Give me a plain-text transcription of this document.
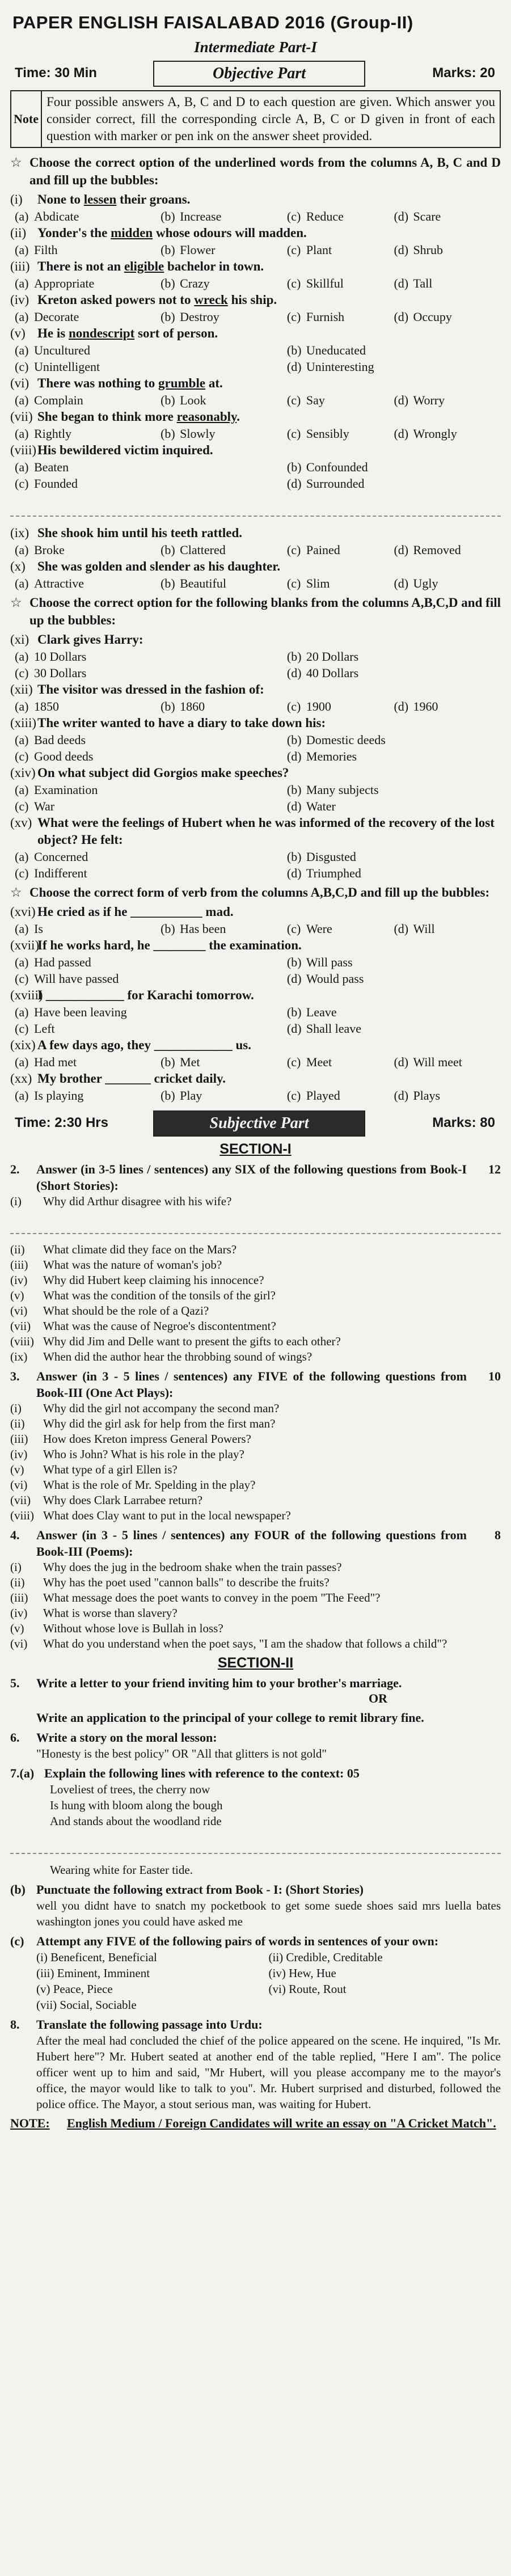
PAPER ENGLISH FAISALABAD 2016 (Group-II)
Intermediate Part-I
Time: 30 Min	Objective Part	Marks: 20
Note
Four possible answers A, B, C and D to each question are given. Which answer you consider correct, fill the corresponding circle A, B, C or D given in front of each question with marker or pen ink on the answer sheet provided.
☆ Choose the correct option of the underlined words from the columns A, B, C and D and fill up the bubbles:
(i)	None to lessen their groans.
(a) Abdicate	(b) Increase	(c) Reduce	(d) Scare
(ii) Yonder's the midden whose odours will madden.
(a) Filth	(b) Flower	(c) Plant	(d) Shrub
(iii) There is not an eligible bachelor in town.
(a) Appropriate	(b) Crazy	(c) Skillful	(d) Tall
(iv) Kreton asked powers not to wreck his ship.
(a) Decorate	(b) Destroy	(c) Furnish	(d) Occupy
(v) He is nondescript sort of person.
(a) Uncultured	(b) Uneducated
(c) Unintelligent	(d) Uninteresting
(vi) There was nothing to grumble at.
(a) Complain	(b) Look	(c) Say	(d) Worry
(vii) She began to think more reasonably.
(a) Rightly	(b) Slowly	(c) Sensibly	(d) Wrongly
(viii) His bewildered victim inquired.
(a) Beaten	(b) Confounded
(c) Founded	(d) Surrounded
(ix) She shook him until his teeth rattled.
(a) Broke	(b) Clattered	(c) Pained	(d) Removed
(x) She was golden and slender as his daughter.
(a) Attractive	(b) Beautiful	(c) Slim	(d) Ugly
☆ Choose the correct option for the following blanks from the columns A,B,C,D and fill up the bubbles:
(xi) Clark gives Harry:
(a) 10 Dollars	(b) 20 Dollars
(c) 30 Dollars	(d) 40 Dollars
(xii) The visitor was dressed in the fashion of:
(a) 1850	(b) 1860	(c) 1900	(d) 1960
(xiii) The writer wanted to have a diary to take down his:
(a) Bad deeds	(b) Domestic deeds
(c) Good deeds	(d) Memories
(xiv) On what subject did Gorgios make speeches?
(a) Examination	(b) Many subjects
(c) War	(d) Water
(xv) What were the feelings of Hubert when he was informed of the recovery of the lost object? He felt:
(a) Concerned	(b) Disgusted
(c) Indifferent	(d) Triumphed
☆ Choose the correct form of verb from the columns A,B,C,D and fill up the bubbles:
(xvi) He cried as if he ___________ mad.
(a) Is	(b) Has been	(c) Were	(d) Will
(xvii)
If he works hard, he ________ the examination.
(a) Had passed	(b) Will pass
(c) Will have passed	(d) Would pass
(xviii)
I ____________ for Karachi tomorrow.
(a) Have been leaving	(b) Leave
(c) Left	(d) Shall leave
(xix) A few days ago, they ____________ us.
(a) Had met	(b) Met	(c) Meet	(d) Will meet
(xx) My brother _______ cricket daily.
(a) Is playing	(b) Play	(c) Played	(d) Plays
Time: 2:30 Hrs	Subjective Part	Marks: 80
SECTION-I
2.	Answer (in 3-5 lines / sentences) any SIX of the following questions from Book-I (Short Stories):
12
(i)	Why did Arthur disagree with his wife?
(ii)	What climate did they face on the Mars?
(iii)	What was the nature of woman's job?
(iv)	Why did Hubert keep claiming his innocence?
(v)	What was the condition of the tonsils of the girl?
(vi)	What should be the role of a Qazi?
(vii)	What was the cause of Negroe's discontentment?
(viii) Why did Jim and Delle want to present the gifts to each other?
(ix)	When did the author hear the throbbing sound of wings?
3.	Answer (in 3 - 5 lines / sentences) any FIVE of the following questions from Book-III (One Act Plays):
10
(i)	Why did the girl not accompany the second man?
(ii)	Why did the girl ask for help from the first man?
(iii)	How does Kreton impress General Powers?
(iv)	Who is John? What is his role in the play?
(v)	What type of a girl Ellen is?
(vi)	What is the role of Mr. Spelding in the play?
(vii)	Why does Clark Larrabee return?
(viii) What does Clay want to put in the local newspaper?
4.	Answer (in 3 - 5 lines / sentences) any FOUR of the following questions from Book-III (Poems):
8
(i)	Why does the jug in the bedroom shake when the train passes?
(ii)	Why has the poet used "cannon balls" to describe the fruits?
(iii)	What message does the poet wants to convey in the poem "The Feed"?
(iv)	What is worse than slavery?
(v)	Without whose love is Bullah in loss?
(vi)	What do you understand when the poet says, "I am the shadow that follows a child"?
SECTION-II
5.	Write a letter to your friend inviting him to your brother's marriage.
OR
Write an application to the principal of your college to remit library fine.
6.	Write a story on the moral lesson:
"Honesty is the best policy" OR "All that glitters is not gold"
7.(a) Explain the following lines with reference to the context: 05
Loveliest of trees, the cherry now
Is hung with bloom along the bough
And stands about the woodland ride
Wearing white for Easter tide.
(b) Punctuate the following extract from Book - I: (Short Stories)
well you didnt have to snatch my pocketbook to get some suede shoes said mrs luella bates washington jones you could have asked me
(c) Attempt any FIVE of the following pairs of words in sentences of your own:
(i) Beneficent, Beneficial	(ii) Credible, Creditable
(iii) Eminent, Imminent	(iv) Hew, Hue
(v) Peace, Piece	(vi) Route, Rout
(vii) Social, Sociable
8.	Translate the following passage into Urdu:
After the meal had concluded the chief of the police appeared on the scene. He inquired, "Is Mr. Hubert here"? Mr. Hubert seated at another end of the table replied, "Here I am". The police officer went up to him and said, "Mr Hubert, will you please accompany me to the mayor's office, the mayor would like to talk to you". Mr. Hubert surprised and disturbed, followed the police office. The Mayor, a stout serious man, was waiting for Hubert.
NOTE:	English Medium / Foreign Candidates will write an essay on "A Cricket Match".
